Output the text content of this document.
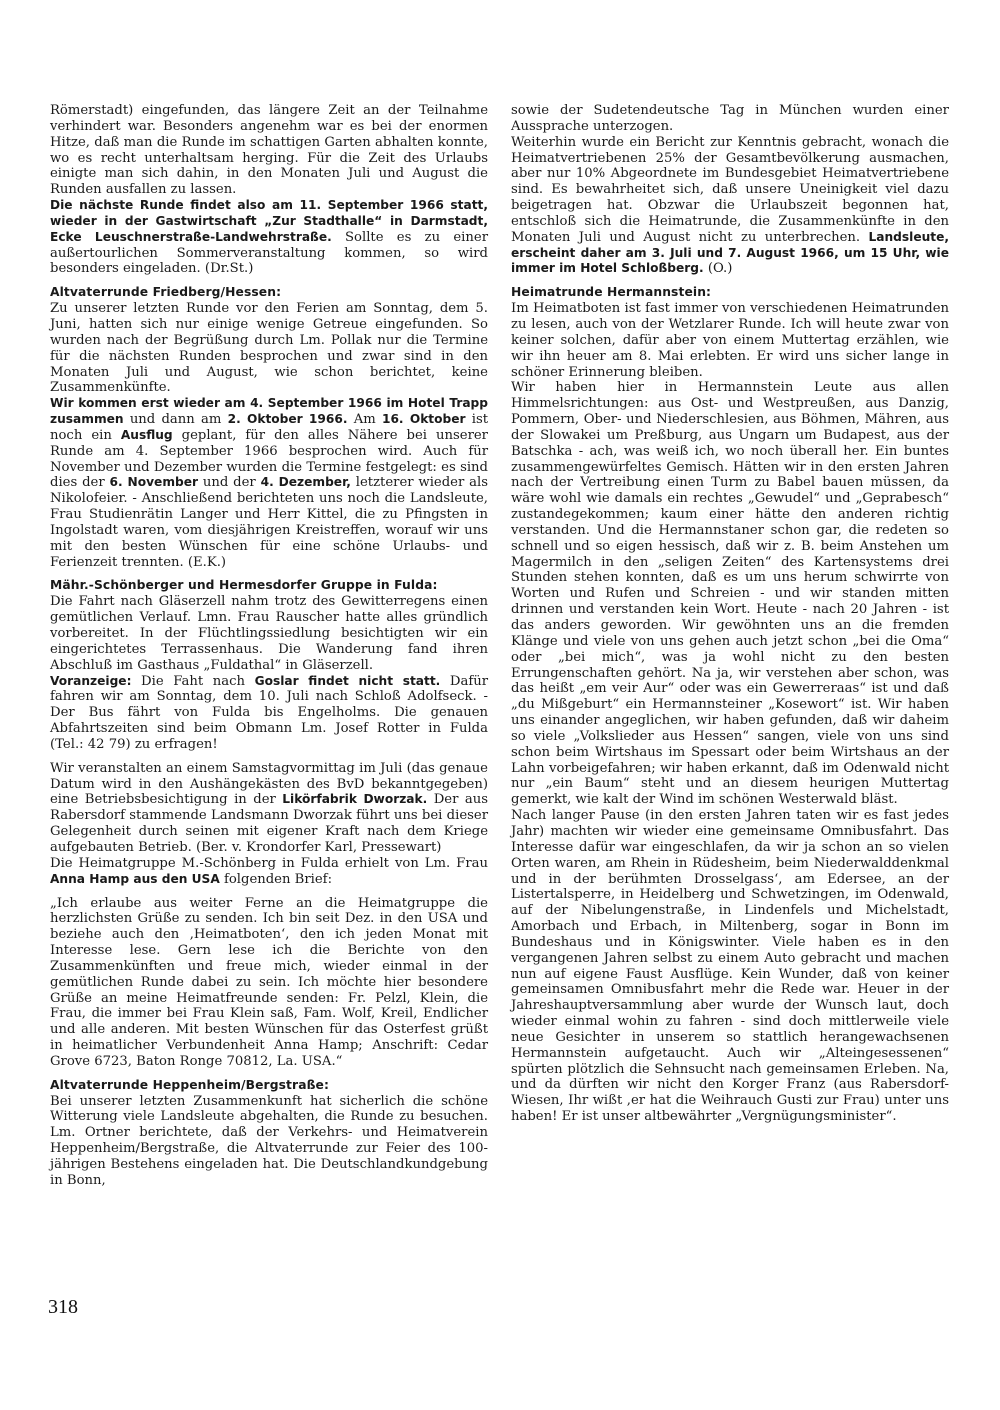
Römerstadt) eingefunden, das längere Zeit an der Teilnahme verhindert war. Besonders angenehm war es bei der enormen Hitze, daß man die Runde im schattigen Garten abhalten konnte, wo es recht unterhaltsam herging. Für die Zeit des Urlaubs einigte man sich dahin, in den Monaten Juli und August die Runden ausfallen zu lassen.

Die nächste Runde findet also am 11. September 1966 statt, wieder in der Gastwirtschaft „Zur Stadthalle“ in Darmstadt, Ecke Leuschnerstraße-Landwehrstraße. Sollte es zu einer außertourlichen Sommerveranstaltung kommen, so wird besonders eingeladen. (Dr.St.)

Altvaterrunde Friedberg/Hessen:

Zu unserer letzten Runde vor den Ferien am Sonntag, dem 5. Juni, hatten sich nur einige wenige Getreue eingefunden. So wurden nach der Begrüßung durch Lm. Pollak nur die Termine für die nächsten Runden besprochen und zwar sind in den Monaten Juli und August, wie schon berichtet, keine Zusammenkünfte.

Wir kommen erst wieder am 4. September 1966 im Hotel Trapp zusammen und dann am 2. Oktober 1966. Am 16. Oktober ist noch ein Ausflug geplant, für den alles Nähere bei unserer Runde am 4. September 1966 besprochen wird. Auch für November und Dezember wurden die Termine festgelegt: es sind dies der 6. November und der 4. Dezember, letzterer wieder als Nikolofeier. - Anschließend berichteten uns noch die Landsleute, Frau Studienrätin Langer und Herr Kittel, die zu Pfingsten in Ingolstadt waren, vom diesjährigen Kreistreffen, worauf wir uns mit den besten Wünschen für eine schöne Urlaubs- und Ferienzeit trennten. (E.K.)

Mähr.-Schönberger und Hermesdorfer Gruppe in Fulda:

Die Fahrt nach Gläserzell nahm trotz des Gewitterregens einen gemütlichen Verlauf. Lmn. Frau Rauscher hatte alles gründlich vorbereitet. In der Flüchtlingssiedlung besichtigten wir ein eingerichtetes Terrassenhaus. Die Wanderung fand ihren Abschluß im Gasthaus „Fuldathal“ in Gläserzell.

Voranzeige: Die Faht nach Goslar findet nicht statt. Dafür fahren wir am Sonntag, dem 10. Juli nach Schloß Adolfseck. - Der Bus fährt von Fulda bis Engelholms. Die genauen Abfahrtszeiten sind beim Obmann Lm. Josef Rotter in Fulda (Tel.: 42 79) zu erfragen!

Wir veranstalten an einem Samstagvormittag im Juli (das genaue Datum wird in den Aushängekästen des BvD bekanntgegeben) eine Betriebsbesichtigung in der Likörfabrik Dworzak. Der aus Rabersdorf stammende Landsmann Dworzak führt uns bei dieser Gelegenheit durch seinen mit eigener Kraft nach dem Kriege aufgebauten Betrieb. (Ber. v. Krondorfer Karl, Pressewart)

Die Heimatgruppe M.-Schönberg in Fulda erhielt von Lm. Frau Anna Hamp aus den USA folgenden Brief:

„Ich erlaube aus weiter Ferne an die Heimatgruppe die herzlichsten Grüße zu senden. Ich bin seit Dez. in den USA und beziehe auch den ‚Heimatboten‘, den ich jeden Monat mit Interesse lese. Gern lese ich die Berichte von den Zusammenkünften und freue mich, wieder einmal in der gemütlichen Runde dabei zu sein. Ich möchte hier besondere Grüße an meine Heimatfreunde senden: Fr. Pelzl, Klein, die Frau, die immer bei Frau Klein saß, Fam. Wolf, Kreil, Endlicher und alle anderen. Mit besten Wünschen für das Osterfest grüßt in heimatlicher Verbundenheit Anna Hamp; Anschrift: Cedar Grove 6723, Baton Ronge 70812, La. USA.“

Altvaterrunde Heppenheim/Bergstraße:

Bei unserer letzten Zusammenkunft hat sicherlich die schöne Witterung viele Landsleute abgehalten, die Runde zu besuchen. Lm. Ortner berichtete, daß der Verkehrs- und Heimatverein Heppenheim/Bergstraße, die Altvaterrunde zur Feier des 100-jährigen Bestehens eingeladen hat. Die Deutschlandkundgebung in Bonn,

sowie der Sudetendeutsche Tag in München wurden einer Aussprache unterzogen.

Weiterhin wurde ein Bericht zur Kenntnis gebracht, wonach die Heimatvertriebenen 25% der Gesamtbevölkerung ausmachen, aber nur 10% Abgeordnete im Bundesgebiet Heimatvertriebene sind. Es bewahrheitet sich, daß unsere Uneinigkeit viel dazu beigetragen hat. Obzwar die Urlaubszeit begonnen hat, entschloß sich die Heimatrunde, die Zusammenkünfte in den Monaten Juli und August nicht zu unterbrechen. Landsleute, erscheint daher am 3. Juli und 7. August 1966, um 15 Uhr, wie immer im Hotel Schloßberg. (O.)

Heimatrunde Hermannstein:

Im Heimatboten ist fast immer von verschiedenen Heimatrunden zu lesen, auch von der Wetzlarer Runde. Ich will heute zwar von keiner solchen, dafür aber von einem Muttertag erzählen, wie wir ihn heuer am 8. Mai erlebten. Er wird uns sicher lange in schöner Erinnerung bleiben.

Wir haben hier in Hermannstein Leute aus allen Himmelsrichtungen: aus Ost- und Westpreußen, aus Danzig, Pommern, Ober- und Niederschlesien, aus Böhmen, Mähren, aus der Slowakei um Preßburg, aus Ungarn um Budapest, aus der Batschka - ach, was weiß ich, wo noch überall her. Ein buntes zusammengewürfeltes Gemisch. Hätten wir in den ersten Jahren nach der Vertreibung einen Turm zu Babel bauen müssen, da wäre wohl wie damals ein rechtes „Gewudel“ und „Geprabesch“ zustandegekommen; kaum einer hätte den anderen richtig verstanden. Und die Hermannstaner schon gar, die redeten so schnell und so eigen hessisch, daß wir z. B. beim Anstehen um Magermilch in den „seligen Zeiten“ des Kartensystems drei Stunden stehen konnten, daß es um uns herum schwirrte von Worten und Rufen und Schreien - und wir standen mitten drinnen und verstanden kein Wort. Heute - nach 20 Jahren - ist das anders geworden. Wir gewöhnten uns an die fremden Klänge und viele von uns gehen auch jetzt schon „bei die Oma“ oder „bei mich“, was ja wohl nicht zu den besten Errungenschaften gehört. Na ja, wir verstehen aber schon, was das heißt „em veir Aur“ oder was ein Gewerreraas“ ist und daß „du Mißgeburt“ ein Hermannsteiner „Kosewort“ ist. Wir haben uns einander angeglichen, wir haben gefunden, daß wir daheim so viele „Volkslieder aus Hessen“ sangen, viele von uns sind schon beim Wirtshaus im Spessart oder beim Wirtshaus an der Lahn vorbeigefahren; wir haben erkannt, daß im Odenwald nicht nur „ein Baum“ steht und an diesem heurigen Muttertag gemerkt, wie kalt der Wind im schönen Westerwald bläst.

Nach langer Pause (in den ersten Jahren taten wir es fast jedes Jahr) machten wir wieder eine gemeinsame Omnibusfahrt. Das Interesse dafür war eingeschlafen, da wir ja schon an so vielen Orten waren, am Rhein in Rüdesheim, beim Niederwalddenkmal und in der berühmten Drosselgass‘, am Edersee, an der Listertalsperre, in Heidelberg und Schwetzingen, im Odenwald, auf der Nibelungenstraße, in Lindenfels und Michelstadt, Amorbach und Erbach, in Miltenberg, sogar in Bonn im Bundeshaus und in Königswinter. Viele haben es in den vergangenen Jahren selbst zu einem Auto gebracht und machen nun auf eigene Faust Ausflüge. Kein Wunder, daß von keiner gemeinsamen Omnibusfahrt mehr die Rede war. Heuer in der Jahreshauptversammlung aber wurde der Wunsch laut, doch wieder einmal wohin zu fahren - sind doch mittlerweile viele neue Gesichter in unserem so stattlich herangewachsenen Hermannstein aufgetaucht. Auch wir „Alteingesessenen“ spürten plötzlich die Sehnsucht nach gemeinsamen Erleben. Na, und da dürften wir nicht den Korger Franz (aus Rabersdorf-Wiesen, Ihr wißt ,er hat die Weihrauch Gusti zur Frau) unter uns haben! Er ist unser altbewährter „Vergnügungsminister“.

318
